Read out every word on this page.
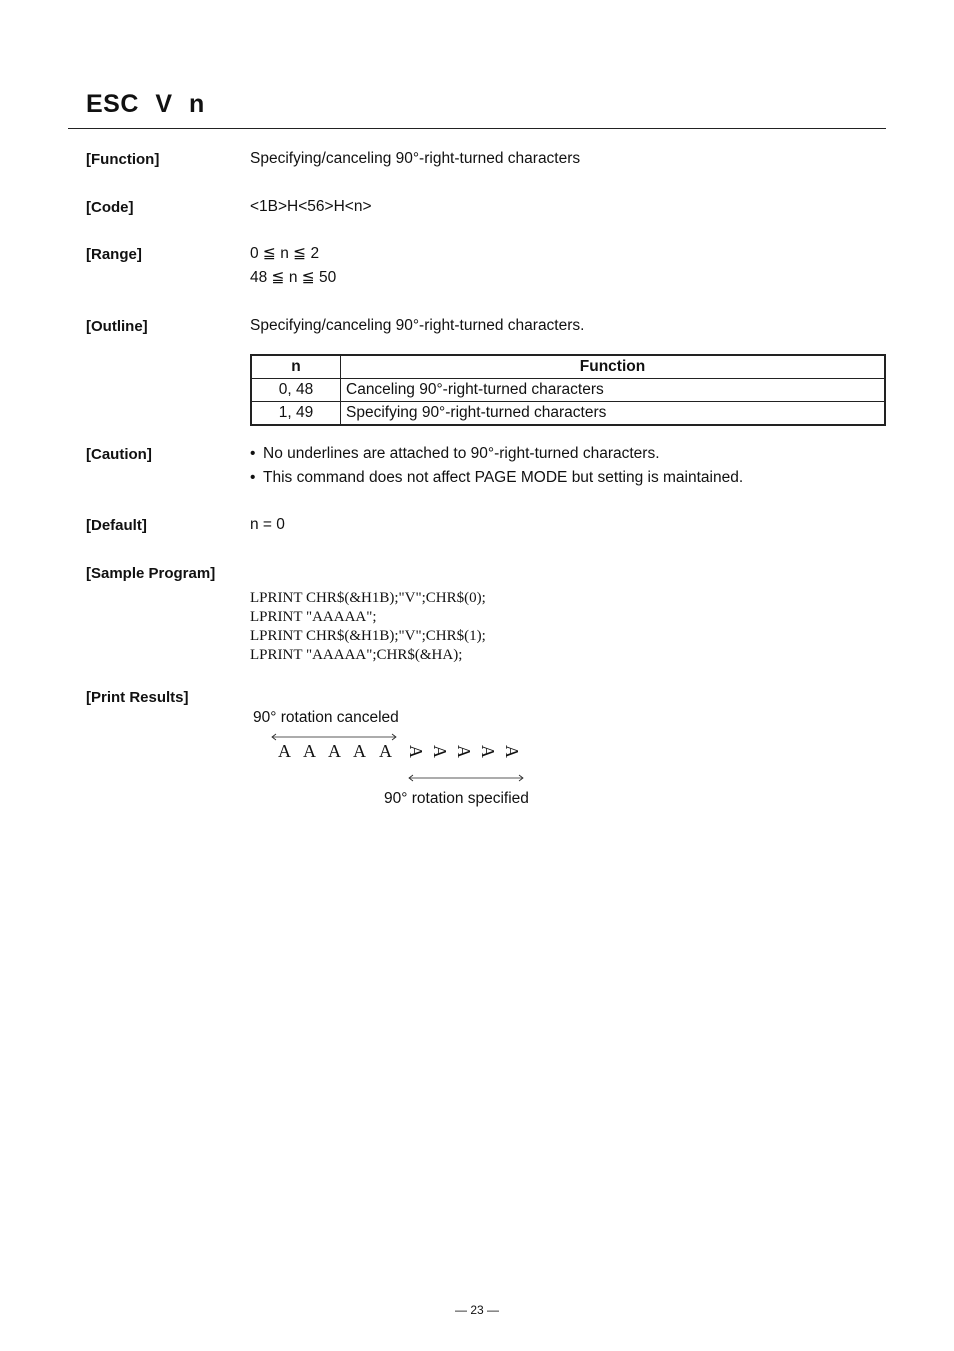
ESC V n
[Function]	Specifying/canceling 90°-right-turned characters
[Code]	<1B>H<56>H<n>
[Range]	0 ≦ n ≦ 2
48 ≦ n ≦ 50
[Outline]	Specifying/canceling 90°-right-turned characters.
n	Function
0, 48	Canceling 90°-right-turned characters
1, 49	Specifying 90°-right-turned characters
[Caution]	• No underlines are attached to 90°-right-turned characters.
• This command does not affect PAGE MODE but setting is maintained.
[Default]	n = 0
[Sample Program]
LPRINT CHR$(&H1B);"V";CHR$(0);
LPRINT "AAAAA";
LPRINT CHR$(&H1B);"V";CHR$(1);
LPRINT "AAAAA";CHR$(&HA);
[Print Results]
90° rotation canceled
A A A A A A A A A A
90° rotation specified
— 23 —
